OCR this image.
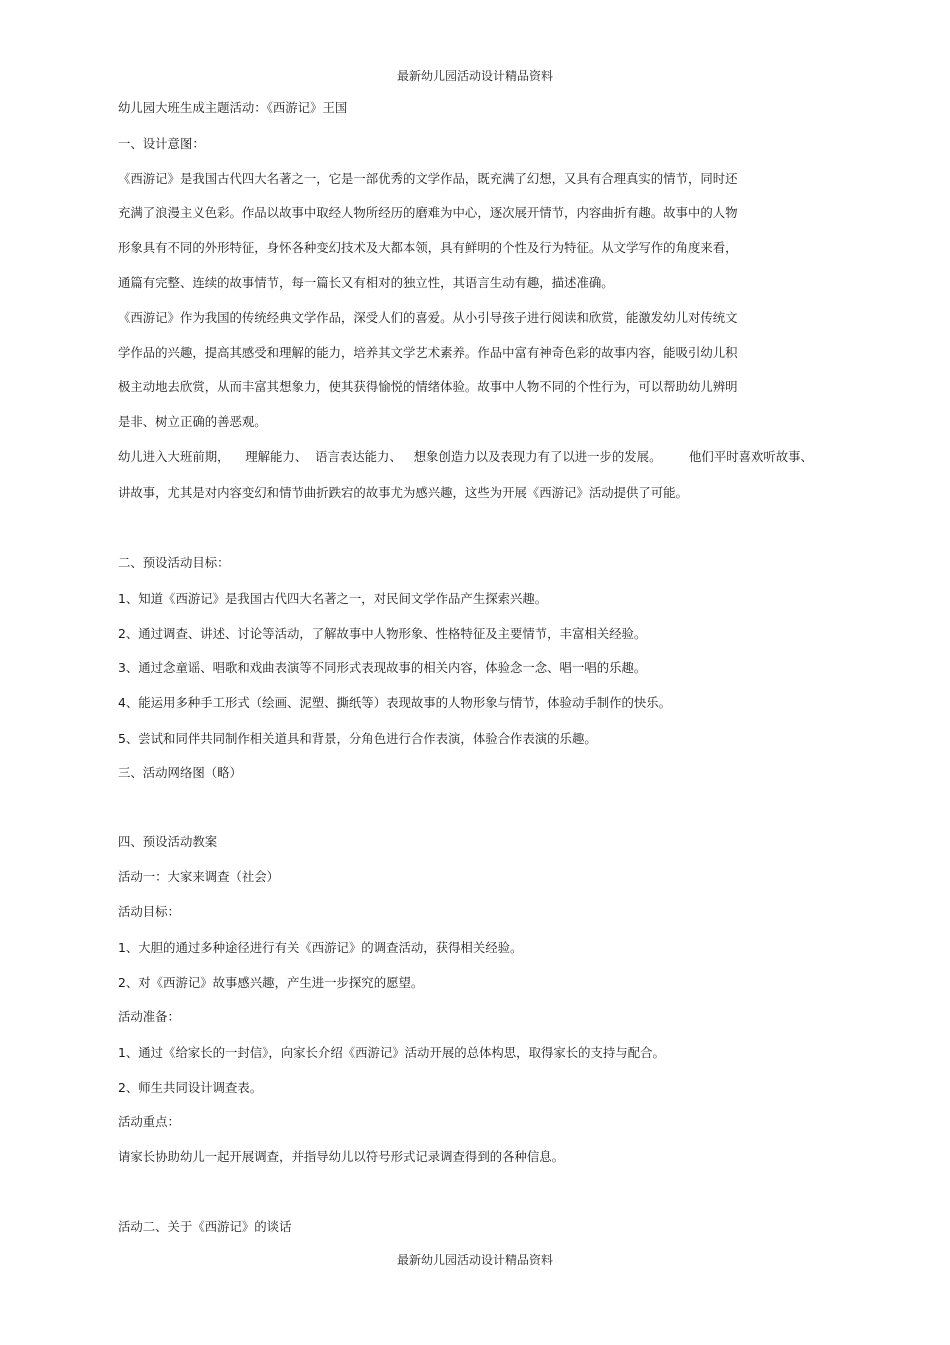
最新幼儿园活动设计精品资料
幼儿园大班生成主题活动：《西游记》王国
一、设计意图：
《西游记》是我国古代四大名著之一，它是一部优秀的文学作品，既充满了幻想，又具有合理真实的情节，同时还
充满了浪漫主义色彩。作品以故事中取经人物所经历的磨难为中心，逐次展开情节，内容曲折有趣。故事中的人物
形象具有不同的外形特征，身怀各种变幻技术及大都本领，具有鲜明的个性及行为特征。从文学写作的角度来看，
通篇有完整、连续的故事情节，每一篇长又有相对的独立性，其语言生动有趣，描述准确。
《西游记》作为我国的传统经典文学作品，深受人们的喜爱。从小引导孩子进行阅读和欣赏，能激发幼儿对传统文
学作品的兴趣，提高其感受和理解的能力，培养其文学艺术素养。作品中富有神奇色彩的故事内容，能吸引幼儿积
极主动地去欣赏，从而丰富其想象力，使其获得愉悦的情绪体验。故事中人物不同的个性行为，可以帮助幼儿辨明
是非、树立正确的善恶观。
幼儿进入大班前期，    理解能力、  语言表达能力、   想象创造力以及表现力有了以进一步的发展。       他们平时喜欢听故事、
讲故事，尤其是对内容变幻和情节曲折跌宕的故事尤为感兴趣，这些为开展《西游记》活动提供了可能。
二、预设活动目标：
1、知道《西游记》是我国古代四大名著之一，对民间文学作品产生探索兴趣。
2、通过调查、讲述、讨论等活动，了解故事中人物形象、性格特征及主要情节，丰富相关经验。
3、通过念童谣、唱歌和戏曲表演等不同形式表现故事的相关内容，体验念一念、唱一唱的乐趣。
4、能运用多种手工形式（绘画、泥塑、撕纸等）表现故事的人物形象与情节，体验动手制作的快乐。
5、尝试和同伴共同制作相关道具和背景，分角色进行合作表演，体验合作表演的乐趣。
三、活动网络图（略）
四、预设活动教案
活动一：大家来调查（社会）
活动目标：
1、大胆的通过多种途径进行有关《西游记》的调查活动，获得相关经验。
2、对《西游记》故事感兴趣，产生进一步探究的愿望。
活动准备：
1、通过《给家长的一封信》，向家长介绍《西游记》活动开展的总体构思，取得家长的支持与配合。
2、师生共同设计调查表。
活动重点：
请家长协助幼儿一起开展调查，并指导幼儿以符号形式记录调查得到的各种信息。
活动二、关于《西游记》的谈话
最新幼儿园活动设计精品资料
